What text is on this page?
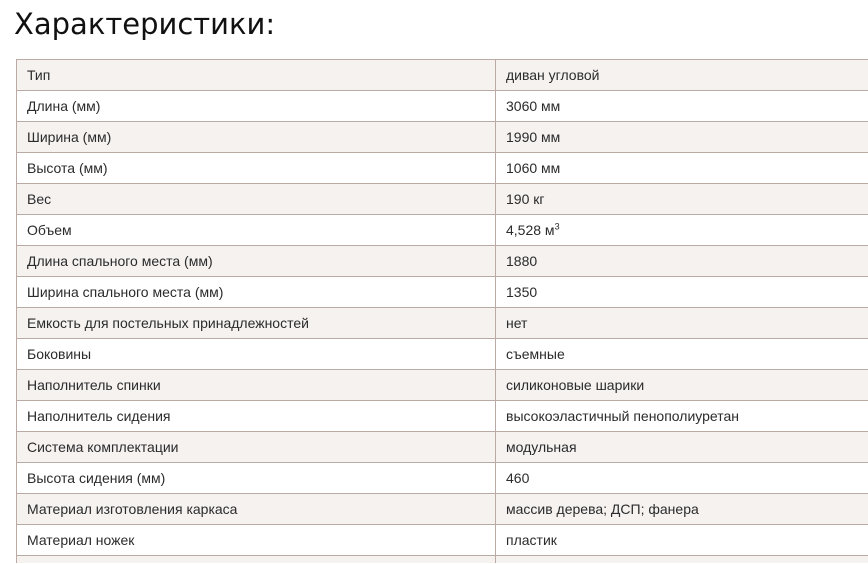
Характеристики:
Тип	диван угловой
Длина (мм)	3060 мм
Ширина (мм)	1990 мм
Высота (мм)	1060 мм
Вес	190 кг
Объем	4,528 $м^3$
Длина спального места (мм)	1880
Ширина спального места (мм)	1350
Емкость для постельных принадлежностей	нет
Боковины	съемные
Наполнитель спинки	силиконовые шарики
Наполнитель сидения	высокоэластичный пенополиуретан
Система комплектации	модульная
Высота сидения (мм)	460
Материал изготовления каркаса	массив дерева; ДСП; фанера
Материал ножек	пластик
